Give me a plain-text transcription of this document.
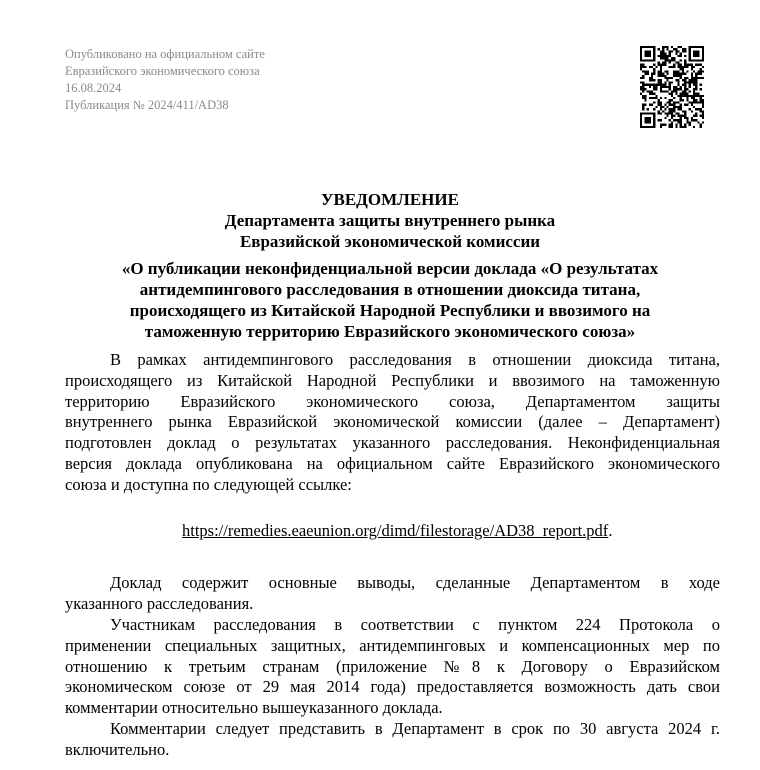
Опубликовано на официальном сайте
Евразийского экономического союза
16.08.2024
Публикация № 2024/411/AD38
УВЕДОМЛЕНИЕ
Департамента защиты внутреннего рынка
Евразийской экономической комиссии
«О публикации неконфиденциальной версии доклада «О результатах
антидемпингового расследования в отношении диоксида титана,
происходящего из Китайской Народной Республики и ввозимого на
таможенную территорию Евразийского экономического союза»
В рамках антидемпингового расследования в отношении диоксида титана,
происходящего из Китайской Народной Республики и ввозимого на таможенную
территорию Евразийского экономического союза, Департаментом защиты
внутреннего рынка Евразийской экономической комиссии (далее – Департамент)
подготовлен доклад о результатах указанного расследования. Неконфиденциальная
версия доклада опубликована на официальном сайте Евразийского экономического
союза и доступна по следующей ссылке:
https://remedies.eaeunion.org/dimd/filestorage/AD38_report.pdf.
Доклад содержит основные выводы, сделанные Департаментом в ходе
указанного расследования.
Участникам расследования в соответствии с пунктом 224 Протокола о
применении специальных защитных, антидемпинговых и компенсационных мер по
отношению к третьим странам (приложение №8 к Договору о Евразийском
экономическом союзе от 29 мая 2014 года) предоставляется возможность дать свои
комментарии относительно вышеуказанного доклада.
Комментарии следует представить в Департамент в срок по 30 августа 2024 г.
включительно.
